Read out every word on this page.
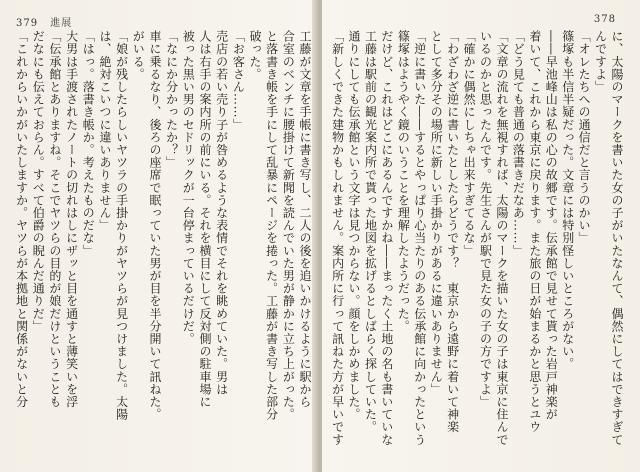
379 進展
工藤が文章を手帳に書き写し、二人の後を追いかけるように駅から
合室のベンチに腰掛けて新聞を読んでいた男が静かに立ち上がった。
と落書き帳を手にして乱暴にページを捲った。工藤が書き写した部分
破った。
「お客さん……」
売店の若い売り子が咎めるような表情でそれを眺めていた。男は
人は右手の案内所の前にいる。それを横目にして反対側の駐車場に
被った黒い男のセドリックが一台停まっているだけだ。
「なにか分かったか？」
車に乗るなり、後ろの座席で眠っていた男が目を半分開いて訊ねた。
がいる。
「娘が残したらしいヤツラの手掛かりがヤツらが見つけました。太陽
は、絶対こいつに違いありません」
「はっ。落書き帳か。考えたものだな」
大男は手渡されたノートの切れはしにザッと目を通すと薄笑いを浮
「伝承館とありますね。そこでヤツらの目的が娘だけということも
だなにも伝えておらん。すべて伯爵の睨んだ通りだ」
「これからいかがいたしますか。ヤツらが本拠地と関係がないと分
378
に、太陽のマークを書いた女の子がいたなんて、偶然にしてはできすぎて
んですよ」
「オレたちへの通信だと言うのかい」
篠塚も半信半疑だった。文章には特別怪しいところがない。
――早池峰山は私の心の故郷です。伝承館で見せて貰った岩戸神楽が
着いて、これから東京に戻ります。また旅の日が始まるかと思うとユウ
「どう見ても普通の落書きだなあ……」
「文章の流れを無視すれば、太陽のマークを描いた女の子は東京に住んで
いるのかと思ったんです。先生さんが駅で見た女の子の方ですよ」
「確かに偶然にしちゃ出来すぎてるな」
「わざわざ逆に書いたとしたらどうです？　東京から遠野に着いて神楽
として多分その場所に新しい手掛かりがあるに違いありません」
「逆に書いた――するとやっぱり心当たりのある伝承館に向かったという
篠塚はようやく鏡のいうことを理解したようだった。
だけど、これはどこにあるんですかね――まったく土地の名も書いていな
工藤は駅前の観光案内所で貰った地図を拡げるとしばらく探していた。
通りにしても伝承館という文字は見つからない。顔をしかめました。
「新しくできた建物かもしれません。案内所に行って訊ねた方が早いです
